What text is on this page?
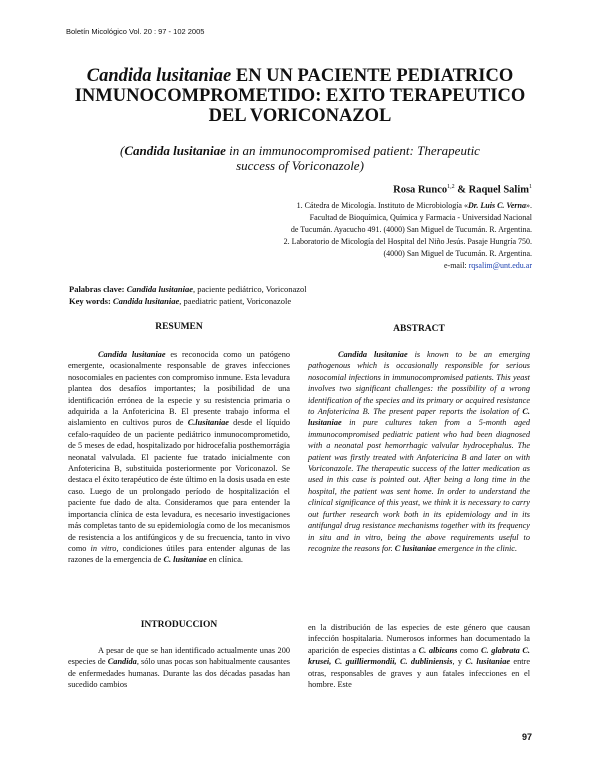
Boletín Micológico Vol. 20 : 97 - 102 2005
Candida lusitaniae EN UN PACIENTE PEDIATRICO
INMUNOCOMPROMETIDO: EXITO TERAPEUTICO
DEL VORICONAZOL
(Candida lusitaniae in an immunocompromised patient: Therapeutic
success of Voriconazole)
Rosa Runco$^{1,2}$ & Raquel Salim$^1$
1. Cátedra de Micología. Instituto de Microbiología «Dr. Luis C. Verna».
Facultad de Bioquímica, Química y Farmacia - Universidad Nacional
de Tucumán. Ayacucho 491. (4000) San Miguel de Tucumán. R. Argentina.
2. Laboratorio de Micología del Hospital del Niño Jesús. Pasaje Hungría 750.
(4000) San Miguel de Tucumán. R. Argentina.
e-mail: rqsalim@unt.edu.ar
Palabras clave: Candida lusitaniae, paciente pediátrico, Voriconazol
Key words: Candida lusitaniae, paediatric patient, Voriconazole
RESUMEN	ABSTRACT

Candida lusitaniae es reconocida como un patógeno emergente, ocasionalmente responsable de graves infecciones nosocomiales en pacientes con compromiso inmune. Esta levadura plantea dos desafíos importantes; la posibilidad de una identificación errónea de la especie y su resistencia primaria o adquirida a la Anfotericina B. El presente trabajo informa el aislamiento en cultivos puros de C.lusitaniae desde el líquido cefalo-raquídeo de un paciente pediátrico inmunocomprometido, de 5 meses de edad, hospitalizado por hidrocefalia posthemorrágia neonatal valvulada. El paciente fue tratado inicialmente con Anfotericina B, substituida posteriormente por Voriconazol. Se destaca el éxito terapéutico de éste último en la dosis usada en este caso. Luego de un prolongado período de hospitalización el paciente fue dado de alta. Consideramos que para entender la importancia clínica de esta levadura, es necesario investigaciones más completas tanto de su epidemiología como de los mecanismos de resistencia a los antifúngicos y de su frecuencia, tanto in vivo como in vitro, condiciones útiles para entender algunas de las razones de la emergencia de C. lusitaniae en clínica.

Candida lusitaniae is known to be an emerging pathogenous which is occasionally responsible for serious nosocomial infections in immunocompromised patients. This yeast involves two significant challenges: the possibility of a wrong identification of the species and its primary or acquired resistance to Anfotericina B. The present paper reports the isolation of C. lusitaniae in pure cultures taken from a 5-month aged immunocompromised pediatric patient who had been diagnosed with a neonatal post hemorrhagic valvular hydrocephalus. The patient was firstly treated with Anfotericina B and later on with Voriconazole. The therapeutic success of the latter medication as used in this case is pointed out. After being a long time in the hospital, the patient was sent home. In order to understand the clinical significance of this yeast, we think it is necessary to carry out further research work both in its epidemiology and in its antifungal drug resistance mechanisms together with its frequency in situ and in vitro, being the above requirements useful to recognize the reasons for. C lusitaniae emergence in the clinic.

INTRODUCCION

A pesar de que se han identificado actualmente unas 200 especies de Candida, sólo unas pocas son habitualmente causantes de enfermedades humanas. Durante las dos décadas pasadas han sucedido cambios

en la distribución de las especies de este género que causan infección hospitalaria. Numerosos informes han documentado la aparición de especies distintas a C. albicans como C. glabrata C. krusei, C. guilliermondii, C. dubliniensis, y C. lusitaniae entre otras, responsables de graves y aun fatales infecciones en el hombre. Este

97
